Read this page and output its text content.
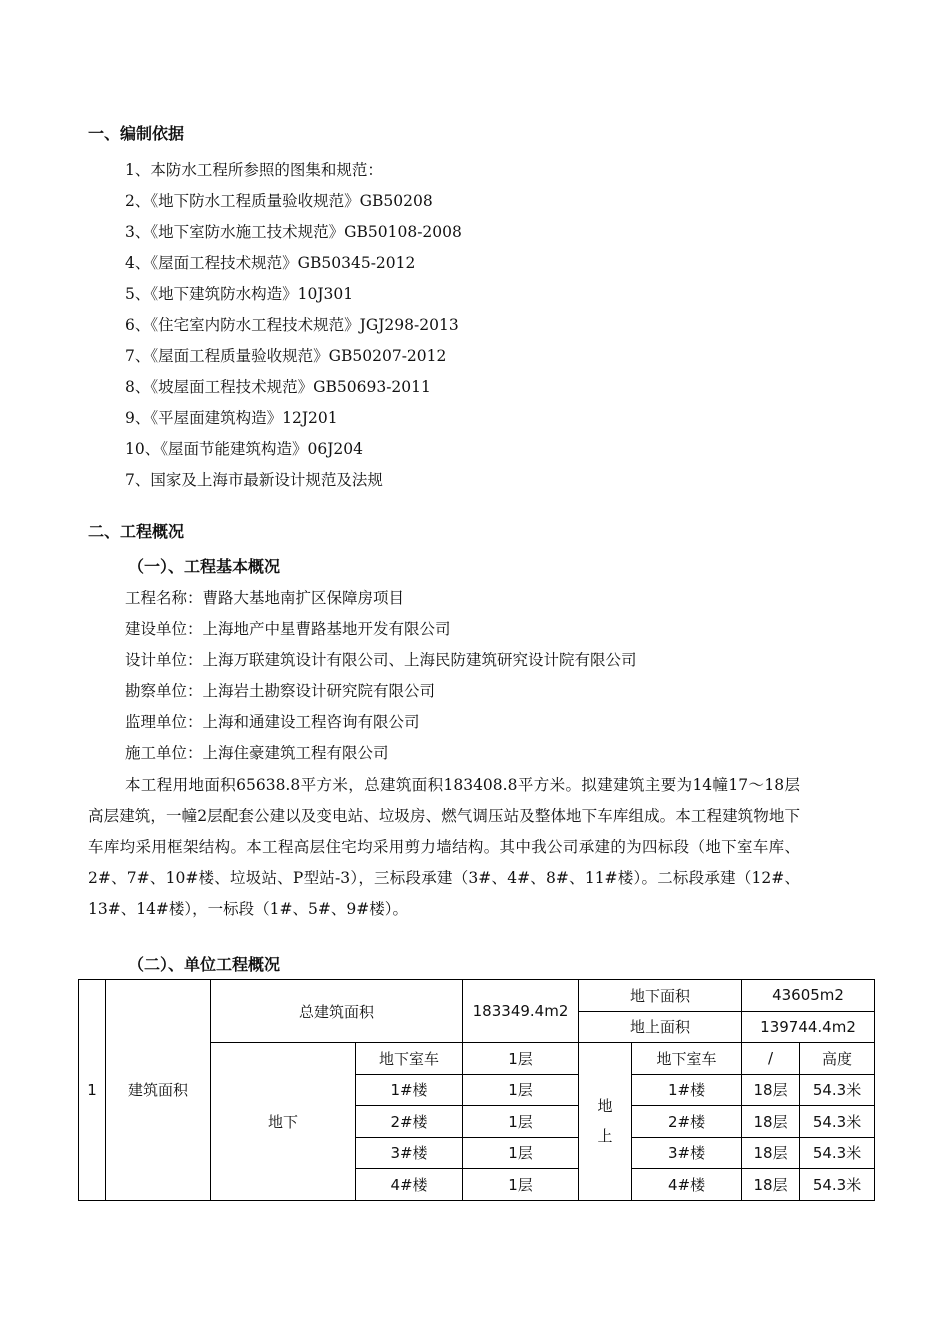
一、编制依据
1、本防水工程所参照的图集和规范：
2、《地下防水工程质量验收规范》GB50208
3、《地下室防水施工技术规范》GB50108-2008
4、《屋面工程技术规范》GB50345-2012
5、《地下建筑防水构造》10J301
6、《住宅室内防水工程技术规范》JGJ298-2013
7、《屋面工程质量验收规范》GB50207-2012
8、《坡屋面工程技术规范》GB50693-2011
9、《平屋面建筑构造》12J201
10、《屋面节能建筑构造》06J204
7、国家及上海市最新设计规范及法规
二、工程概况
（一）、工程基本概况
工程名称：曹路大基地南扩区保障房项目
建设单位：上海地产中星曹路基地开发有限公司
设计单位：上海万联建筑设计有限公司、上海民防建筑研究设计院有限公司
勘察单位：上海岩土勘察设计研究院有限公司
监理单位：上海和通建设工程咨询有限公司
施工单位：上海住豪建筑工程有限公司
本工程用地面积65638.8平方米，总建筑面积183408.8平方米。拟建建筑主要为14幢17～18层高层建筑，一幢2层配套公建以及变电站、垃圾房、燃气调压站及整体地下车库组成。本工程建筑物地下车库均采用框架结构。本工程高层住宅均采用剪力墙结构。其中我公司承建的为四标段（地下室车库、2#、7#、10#楼、垃圾站、P型站-3），三标段承建（3#、4#、8#、11#楼）。二标段承建（12#、13#、14#楼），一标段（1#、5#、9#楼）。
（二）、单位工程概况
1	建筑面积	总建筑面积		183349.4m2	地下面积		43605m2	
					地上面积		139744.4m2	
		地下	地下室车	1层	地上	地下室车	/	高度
			1#楼	1层		1#楼	18层	54.3米
			2#楼	1层		2#楼	18层	54.3米
			3#楼	1层		3#楼	18层	54.3米
			4#楼	1层		4#楼	18层	54.3米
